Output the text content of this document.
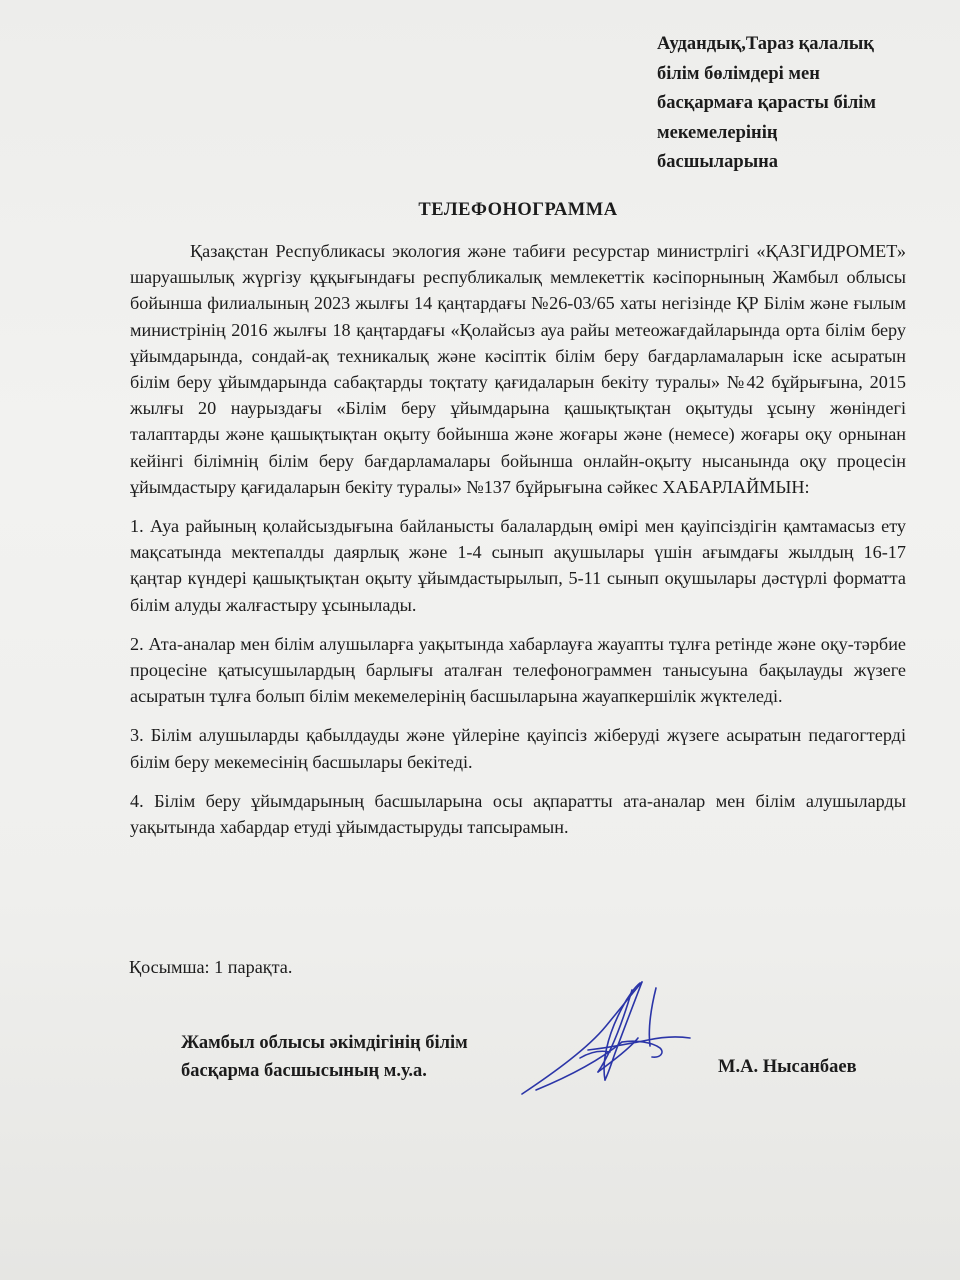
Аудандық,Тараз қалалық
білім бөлімдері мен
басқармаға қарасты білім
мекемелерінің
басшыларына
ТЕЛЕФОНОГРАММА

Қазақстан Республикасы экология және табиғи ресурстар министрлігі «ҚАЗГИДРОМЕТ» шаруашылық жүргізу құқығындағы республикалық мемлекеттік кәсіпорнының Жамбыл облысы бойынша филиалының 2023 жылғы 14 қаңтардағы №26-03/65 хаты негізінде ҚР Білім және ғылым министрінің 2016 жылғы 18 қаңтардағы «Қолайсыз ауа райы метеожағдайларында орта білім беру ұйымдарында, сондай-ақ техникалық және кәсіптік білім беру бағдарламаларын іске асыратын білім беру ұйымдарында сабақтарды тоқтату қағидаларын бекіту туралы» №42 бұйрығына, 2015 жылғы 20 наурыздағы «Білім беру ұйымдарына қашықтықтан оқытуды ұсыну жөніндегі талаптарды және қашықтықтан оқыту бойынша және жоғары және (немесе) жоғары оқу орнынан кейінгі білімнің білім беру бағдарламалары бойынша онлайн-оқыту нысанында оқу процесін ұйымдастыру қағидаларын бекіту туралы» №137 бұйрығына сәйкес ХАБАРЛАЙМЫН:

1. Ауа райының қолайсыздығына байланысты балалардың өмірі мен қауіпсіздігін қамтамасыз ету мақсатында мектепалды даярлық және 1-4 сынып ақушылары үшін ағымдағы жылдың 16-17 қаңтар күндері қашықтықтан оқыту ұйымдастырылып, 5-11 сынып оқушылары дәстүрлі форматта білім алуды жалғастыру ұсынылады.

2. Ата-аналар мен білім алушыларға уақытында хабарлауға жауапты тұлға ретінде және оқу-тәрбие процесіне қатысушылардың барлығы аталған телефонограммен танысуына бақылауды жүзеге асыратын тұлға болып білім мекемелерінің басшыларына жауапкершілік жүктеледі.

3. Білім алушыларды қабылдауды және үйлеріне қауіпсіз жіберуді жүзеге асыратын педагогтерді білім беру мекемесінің басшылары бекітеді.

4. Білім беру ұйымдарының басшыларына осы ақпаратты ата-аналар мен білім алушыларды уақытында хабардар етуді ұйымдастыруды тапсырамын.

Қосымша: 1 парақта.
Жамбыл облысы әкімдігінің білім
басқарма басшысының м.у.а.	М.А. Нысанбаев
